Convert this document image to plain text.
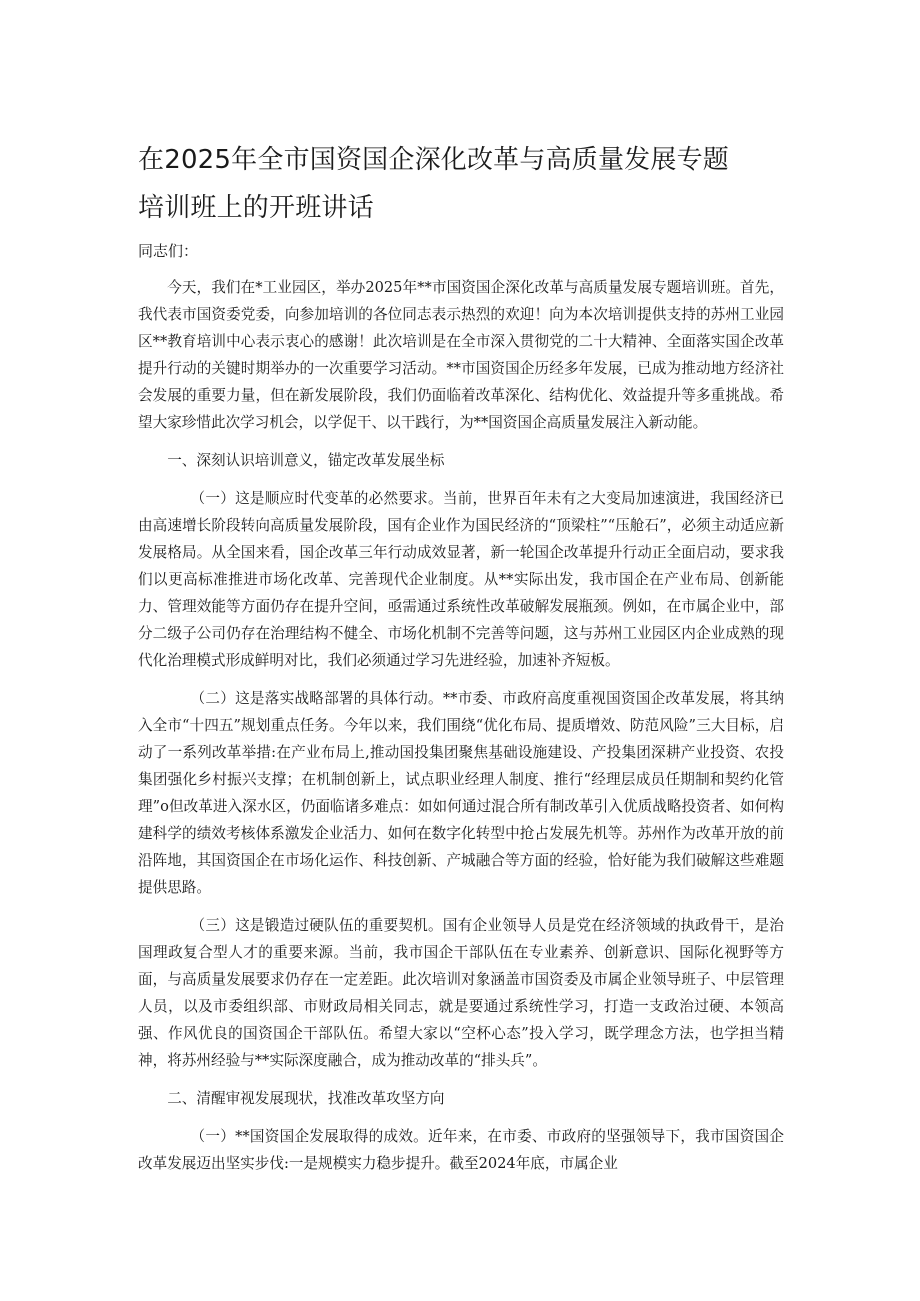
在2025年全市国资国企深化改革与高质量发展专题
培训班上的开班讲话

同志们：

今天，我们在*工业园区，举办2025年**市国资国企深化改革与高质量发展专题培训班。首先，我代表市国资委党委，向参加培训的各位同志表示热烈的欢迎！向为本次培训提供支持的苏州工业园区**教育培训中心表示衷心的感谢！此次培训是在全市深入贯彻党的二十大精神、全面落实国企改革提升行动的关键时期举办的一次重要学习活动。**市国资国企历经多年发展，已成为推动地方经济社会发展的重要力量，但在新发展阶段，我们仍面临着改革深化、结构优化、效益提升等多重挑战。希望大家珍惜此次学习机会，以学促干、以干践行，为**国资国企高质量发展注入新动能。

一、深刻认识培训意义，锚定改革发展坐标

（一）这是顺应时代变革的必然要求。当前，世界百年未有之大变局加速演进，我国经济已由高速增长阶段转向高质量发展阶段，国有企业作为国民经济的“顶梁柱”“压舱石”，必须主动适应新发展格局。从全国来看，国企改革三年行动成效显著，新一轮国企改革提升行动正全面启动，要求我们以更高标准推进市场化改革、完善现代企业制度。从**实际出发，我市国企在产业布局、创新能力、管理效能等方面仍存在提升空间，亟需通过系统性改革破解发展瓶颈。例如，在市属企业中，部分二级子公司仍存在治理结构不健全、市场化机制不完善等问题，这与苏州工业园区内企业成熟的现代化治理模式形成鲜明对比，我们必须通过学习先进经验，加速补齐短板。

（二）这是落实战略部署的具体行动。**市委、市政府高度重视国资国企改革发展，将其纳入全市“十四五”规划重点任务。今年以来，我们围绕“优化布局、提质增效、防范风险”三大目标，启动了一系列改革举措:在产业布局上,推动国投集团聚焦基础设施建设、产投集团深耕产业投资、农投集团强化乡村振兴支撑；在机制创新上，试点职业经理人制度、推行“经理层成员任期制和契约化管理”o但改革进入深水区，仍面临诸多难点：如如何通过混合所有制改革引入优质战略投资者、如何构建科学的绩效考核体系激发企业活力、如何在数字化转型中抢占发展先机等。苏州作为改革开放的前沿阵地，其国资国企在市场化运作、科技创新、产城融合等方面的经验，恰好能为我们破解这些难题提供思路。

（三）这是锻造过硬队伍的重要契机。国有企业领导人员是党在经济领域的执政骨干，是治国理政复合型人才的重要来源。当前，我市国企干部队伍在专业素养、创新意识、国际化视野等方面，与高质量发展要求仍存在一定差距。此次培训对象涵盖市国资委及市属企业领导班子、中层管理人员，以及市委组织部、市财政局相关同志，就是要通过系统性学习，打造一支政治过硬、本领高强、作风优良的国资国企干部队伍。希望大家以“空杯心态”投入学习，既学理念方法，也学担当精神，将苏州经验与**实际深度融合，成为推动改革的“排头兵”。

二、清醒审视发展现状，找准改革攻坚方向

（一）**国资国企发展取得的成效。近年来，在市委、市政府的坚强领导下，我市国资国企改革发展迈出坚实步伐:一是规模实力稳步提升。截至2024年底，市属企业
